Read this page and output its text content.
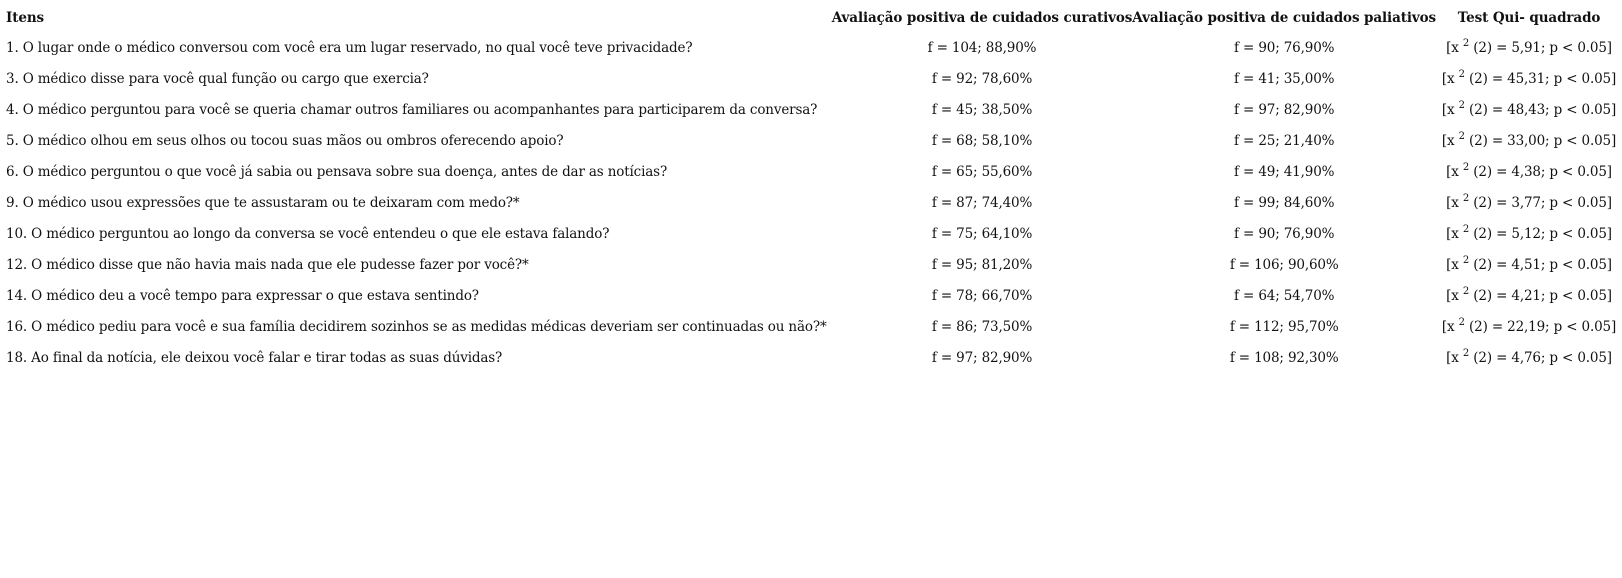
Itens	Avaliação positiva de cuidados curativos	Avaliação positiva de cuidados paliativos	Test Qui- quadrado
1. O lugar onde o médico conversou com você era um lugar reservado, no qual você teve privacidade?	f = 104; 88,90%	f = 90; 76,90%	[x $^2$ (2) = 5,91; p < 0.05]
3. O médico disse para você qual função ou cargo que exercia?	f = 92; 78,60%	f = 41; 35,00%	[x $^2$ (2) = 45,31; p < 0.05]
4. O médico perguntou para você se queria chamar outros familiares ou acompanhantes para participarem da conversa?	f = 45; 38,50%	f = 97; 82,90%	[x $^2$ (2) = 48,43; p < 0.05]
5. O médico olhou em seus olhos ou tocou suas mãos ou ombros oferecendo apoio?	f = 68; 58,10%	f = 25; 21,40%	[x $^2$ (2) = 33,00; p < 0.05]
6. O médico perguntou o que você já sabia ou pensava sobre sua doença, antes de dar as notícias?	f = 65; 55,60%	f = 49; 41,90%	[x $^2$ (2) = 4,38; p < 0.05]
9. O médico usou expressões que te assustaram ou te deixaram com medo?*	f = 87; 74,40%	f = 99; 84,60%	[x $^2$ (2) = 3,77; p < 0.05]
10. O médico perguntou ao longo da conversa se você entendeu o que ele estava falando?	f = 75; 64,10%	f = 90; 76,90%	[x $^2$ (2) = 5,12; p < 0.05]
12. O médico disse que não havia mais nada que ele pudesse fazer por você?*	f = 95; 81,20%	f = 106; 90,60%	[x $^2$ (2) = 4,51; p < 0.05]
14. O médico deu a você tempo para expressar o que estava sentindo?	f = 78; 66,70%	f = 64; 54,70%	[x $^2$ (2) = 4,21; p < 0.05]
16. O médico pediu para você e sua família decidirem sozinhos se as medidas médicas deveriam ser continuadas ou não?*	f = 86; 73,50%	f = 112; 95,70%	[x $^2$ (2) = 22,19; p < 0.05]
18. Ao final da notícia, ele deixou você falar e tirar todas as suas dúvidas?	f = 97; 82,90%	f = 108; 92,30%	[x $^2$ (2) = 4,76; p < 0.05]
